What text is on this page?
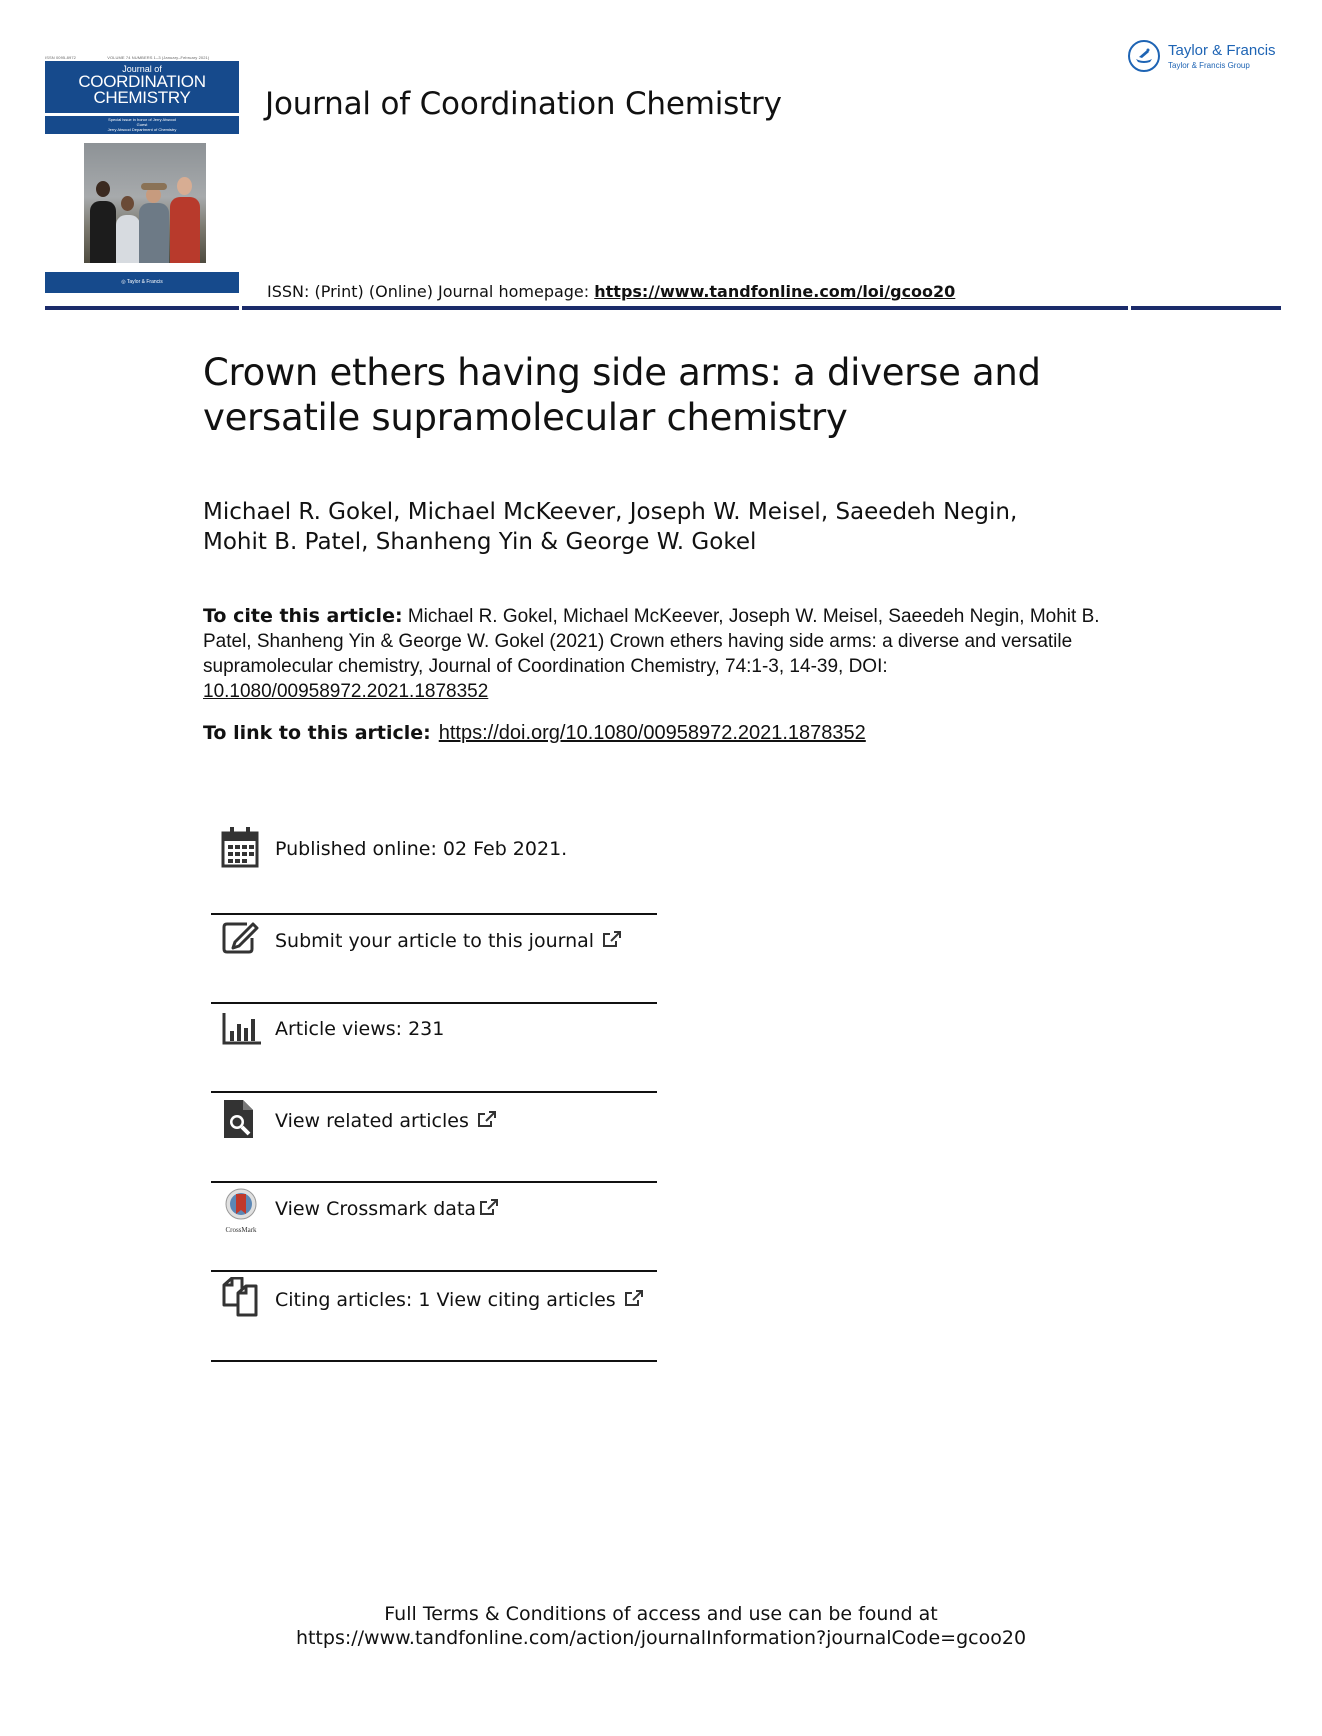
ISSN 0095-8972	VOLUME 74 NUMBERS 1–3 (January–February 2021)
Journal of
COORDINATION
CHEMISTRY
Special issue in honor of Jerry Atwood
Guest
Jerry Atwood Department of Chemistry
◎ Taylor & Francis
Journal of Coordination Chemistry
Taylor & Francis
Taylor & Francis Group
ISSN: (Print) (Online) Journal homepage: https://www.tandfonline.com/loi/gcoo20
Crown ethers having side arms: a diverse and versatile supramolecular chemistry
Michael R. Gokel, Michael McKeever, Joseph W. Meisel, Saeedeh Negin,
Mohit B. Patel, Shanheng Yin & George W. Gokel
To cite this article: Michael R. Gokel, Michael McKeever, Joseph W. Meisel, Saeedeh Negin, Mohit B. Patel, Shanheng Yin & George W. Gokel (2021) Crown ethers having side arms: a diverse and versatile supramolecular chemistry, Journal of Coordination Chemistry, 74:1-3, 14-39, DOI: 10.1080/00958972.2021.1878352
To link to this article: https://doi.org/10.1080/00958972.2021.1878352
Published online: 02 Feb 2021.
Submit your article to this journal
Article views: 231
View related articles
CrossMark
View Crossmark data
Citing articles: 1 View citing articles
Full Terms & Conditions of access and use can be found at
https://www.tandfonline.com/action/journalInformation?journalCode=gcoo20
